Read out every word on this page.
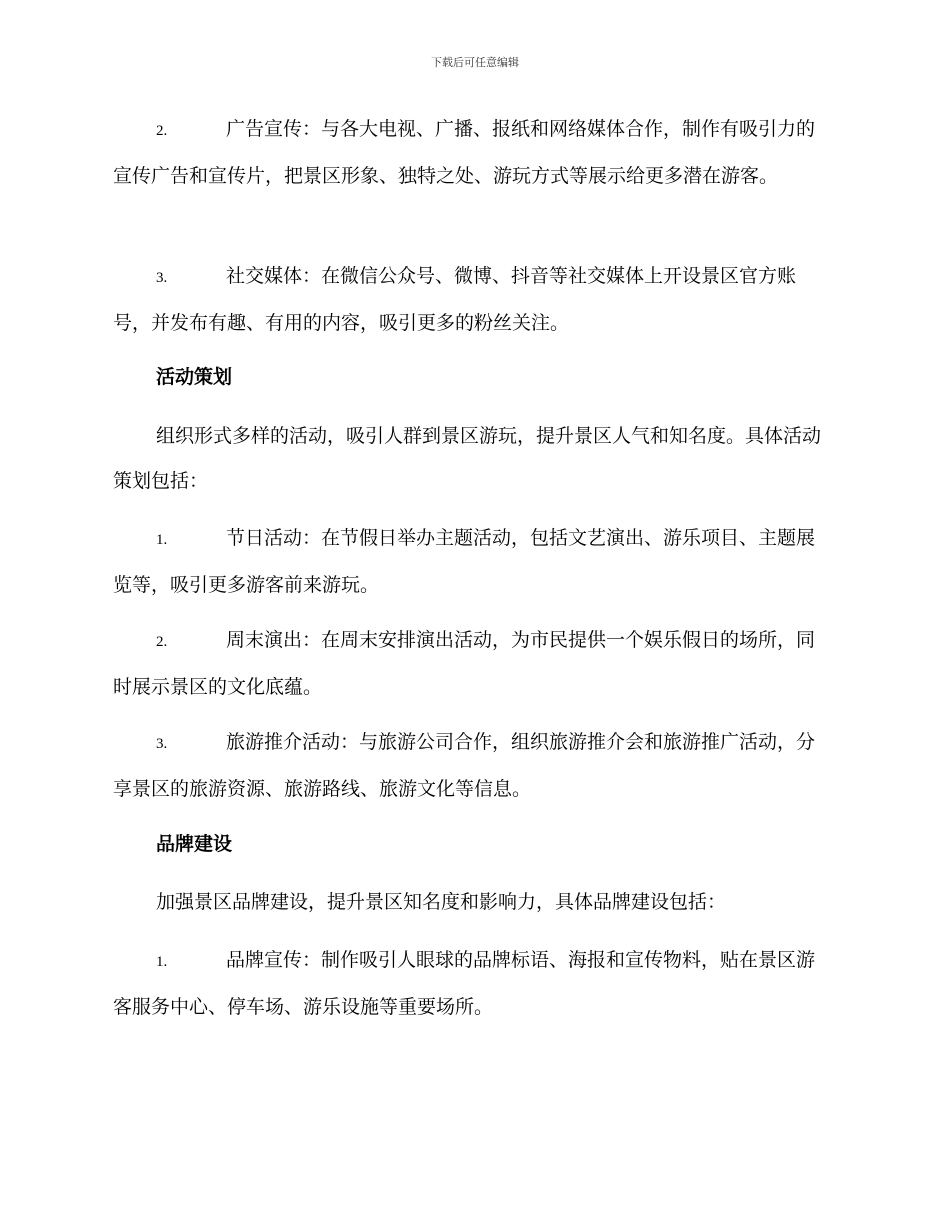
下载后可任意编辑
2.	广告宣传：与各大电视、广播、报纸和网络媒体合作，制作有吸引力的宣传广告和宣传片，把景区形象、独特之处、游玩方式等展示给更多潜在游客。
3.	社交媒体：在微信公众号、微博、抖音等社交媒体上开设景区官方账号，并发布有趣、有用的内容，吸引更多的粉丝关注。
活动策划
组织形式多样的活动，吸引人群到景区游玩，提升景区人气和知名度。具体活动策划包括：
1.	节日活动：在节假日举办主题活动，包括文艺演出、游乐项目、主题展览等，吸引更多游客前来游玩。
2.	周末演出：在周末安排演出活动，为市民提供一个娱乐假日的场所，同时展示景区的文化底蕴。
3.	旅游推介活动：与旅游公司合作，组织旅游推介会和旅游推广活动，分享景区的旅游资源、旅游路线、旅游文化等信息。
品牌建设
加强景区品牌建设，提升景区知名度和影响力，具体品牌建设包括：
1.	品牌宣传：制作吸引人眼球的品牌标语、海报和宣传物料，贴在景区游客服务中心、停车场、游乐设施等重要场所。
